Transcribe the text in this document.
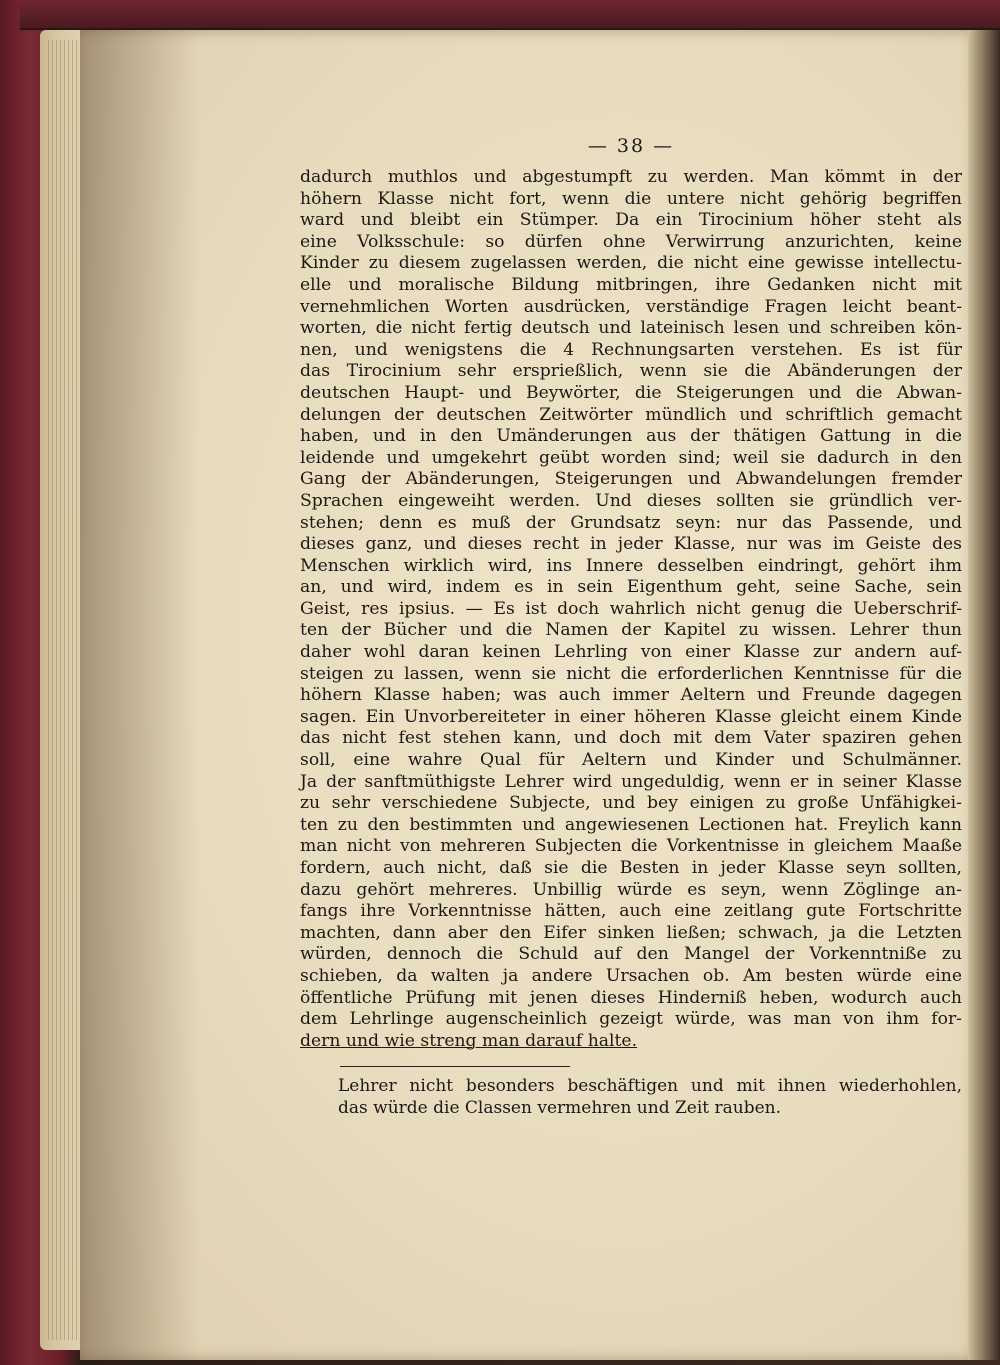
— 38 —
dadurch muthlos und abgestumpft zu werden. Man kömmt in der
höhern Klasse nicht fort, wenn die untere nicht gehörig begriffen
ward und bleibt ein Stümper. Da ein Tirocinium höher steht als
eine Volksschule: so dürfen ohne Verwirrung anzurichten, keine
Kinder zu diesem zugelassen werden, die nicht eine gewisse intellectu-
elle und moralische Bildung mitbringen, ihre Gedanken nicht mit
vernehmlichen Worten ausdrücken, verständige Fragen leicht beant-
worten, die nicht fertig deutsch und lateinisch lesen und schreiben kön-
nen, und wenigstens die 4 Rechnungsarten verstehen. Es ist für
das Tirocinium sehr ersprießlich, wenn sie die Abänderungen der
deutschen Haupt- und Beywörter, die Steigerungen und die Abwan-
delungen der deutschen Zeitwörter mündlich und schriftlich gemacht
haben, und in den Umänderungen aus der thätigen Gattung in die
leidende und umgekehrt geübt worden sind; weil sie dadurch in den
Gang der Abänderungen, Steigerungen und Abwandelungen fremder
Sprachen eingeweiht werden. Und dieses sollten sie gründlich ver-
stehen; denn es muß der Grundsatz seyn: nur das Passende, und
dieses ganz, und dieses recht in jeder Klasse, nur was im Geiste des
Menschen wirklich wird, ins Innere desselben eindringt, gehört ihm
an, und wird, indem es in sein Eigenthum geht, seine Sache, sein
Geist, res ipsius. — Es ist doch wahrlich nicht genug die Ueberschrif-
ten der Bücher und die Namen der Kapitel zu wissen. Lehrer thun
daher wohl daran keinen Lehrling von einer Klasse zur andern auf-
steigen zu lassen, wenn sie nicht die erforderlichen Kenntnisse für die
höhern Klasse haben; was auch immer Aeltern und Freunde dagegen
sagen. Ein Unvorbereiteter in einer höheren Klasse gleicht einem Kinde
das nicht fest stehen kann, und doch mit dem Vater spaziren gehen
soll, eine wahre Qual für Aeltern und Kinder und Schulmänner.
Ja der sanftmüthigste Lehrer wird ungeduldig, wenn er in seiner Klasse
zu sehr verschiedene Subjecte, und bey einigen zu große Unfähigkei-
ten zu den bestimmten und angewiesenen Lectionen hat. Freylich kann
man nicht von mehreren Subjecten die Vorkentnisse in gleichem Maaße
fordern, auch nicht, daß sie die Besten in jeder Klasse seyn sollten,
dazu gehört mehreres. Unbillig würde es seyn, wenn Zöglinge an-
fangs ihre Vorkenntnisse hätten, auch eine zeitlang gute Fortschritte
machten, dann aber den Eifer sinken ließen; schwach, ja die Letzten
würden, dennoch die Schuld auf den Mangel der Vorkenntniße zu
schieben, da walten ja andere Ursachen ob. Am besten würde eine
öffentliche Prüfung mit jenen dieses Hinderniß heben, wodurch auch
dem Lehrlinge augenscheinlich gezeigt würde, was man von ihm for-
dern und wie streng man darauf halte.
Lehrer nicht besonders beschäftigen und mit ihnen wiederhohlen,
das würde die Classen vermehren und Zeit rauben.
